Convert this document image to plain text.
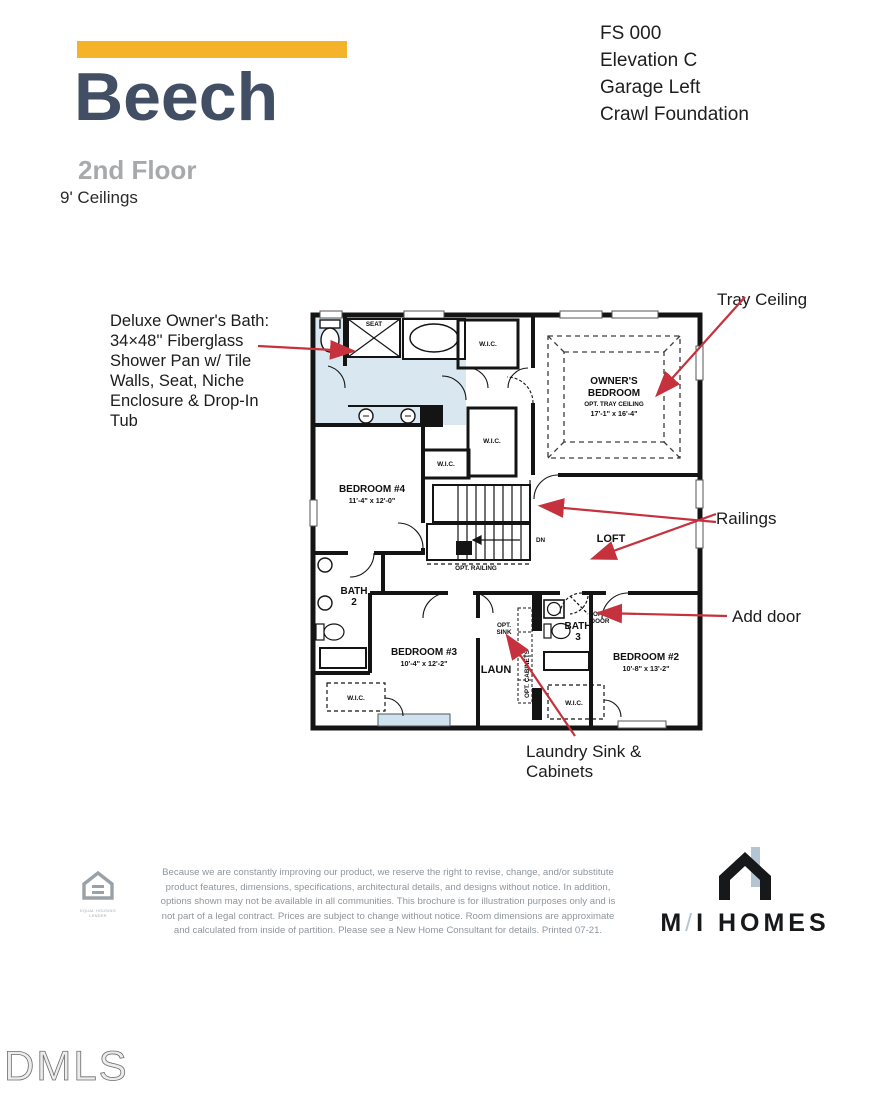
Beech
2nd Floor
9' Ceilings
FS 000
Elevation C
Garage Left
Crawl Foundation
Deluxe Owner's Bath: 34×48'' Fiberglass Shower Pan w/ Tile Walls, Seat, Niche Enclosure & Drop-In Tub
Tray Ceiling
Railings
Add door
Laundry Sink & Cabinets
SEAT
W.I.C.
W.I.C.
W.I.C.
OWNER'S
BEDROOM
OPT. TRAY CEILING
17'-1" x 16'-4"
BEDROOM #4
11'-4" x 12'-0"
DN
OPT. RAILING
LOFT
BATH
2
BEDROOM #3
10'-4" x 12'-2"
W.I.C.
LAUN
OPT.
SINK
OPT. CABINETS
BATH
3
OPT.
DOOR
BEDROOM #2
10'-8" x 13'-2"
W.I.C.
EQUAL HOUSING
LENDER
Because we are constantly improving our product, we reserve the right to revise, change, and/or substitute product features, dimensions, specifications, architectural details, and designs without notice. In addition, options shown may not be available in all communities. This brochure is for illustration purposes only and is not part of a legal contract. Prices are subject to change without notice. Room dimensions are approximate and calculated from inside of partition. Please see a New Home Consultant for details. Printed 07-21.	M/I HOMES
DMLS
